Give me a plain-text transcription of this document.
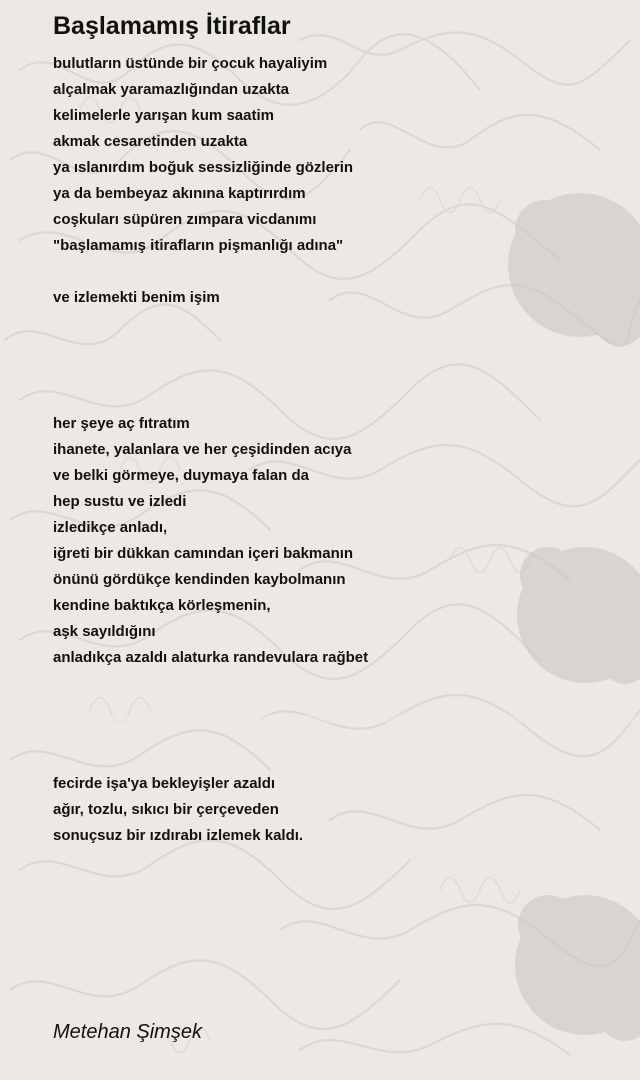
Başlamamış İtiraflar
bulutların üstünde bir çocuk hayaliyim
alçalmak yaramazlığından uzakta
kelimelerle yarışan kum saatim
akmak cesaretinden uzakta
ya ıslanırdım boğuk sessizliğinde gözlerin
ya da bembeyaz akınına kaptırırdım
coşkuları süpüren zımpara vicdanımı
"başlamamış itirafların pişmanlığı adına"
ve izlemekti benim işim
her şeye aç fıtratım
ihanete, yalanlara ve her çeşidinden acıya
ve belki görmeye, duymaya falan da
hep sustu ve izledi
izledikçe anladı,
iğreti bir dükkan camından içeri bakmanın
önünü gördükçe kendinden kaybolmanın
kendine baktıkça körleşmenin,
aşk sayıldığını
anladıkça azaldı alaturka randevulara rağbet
fecirde işa'ya bekleyişler azaldı
ağır, tozlu, sıkıcı bir çerçeveden
sonuçsuz bir ızdırabı izlemek kaldı.
Metehan Şimşek
